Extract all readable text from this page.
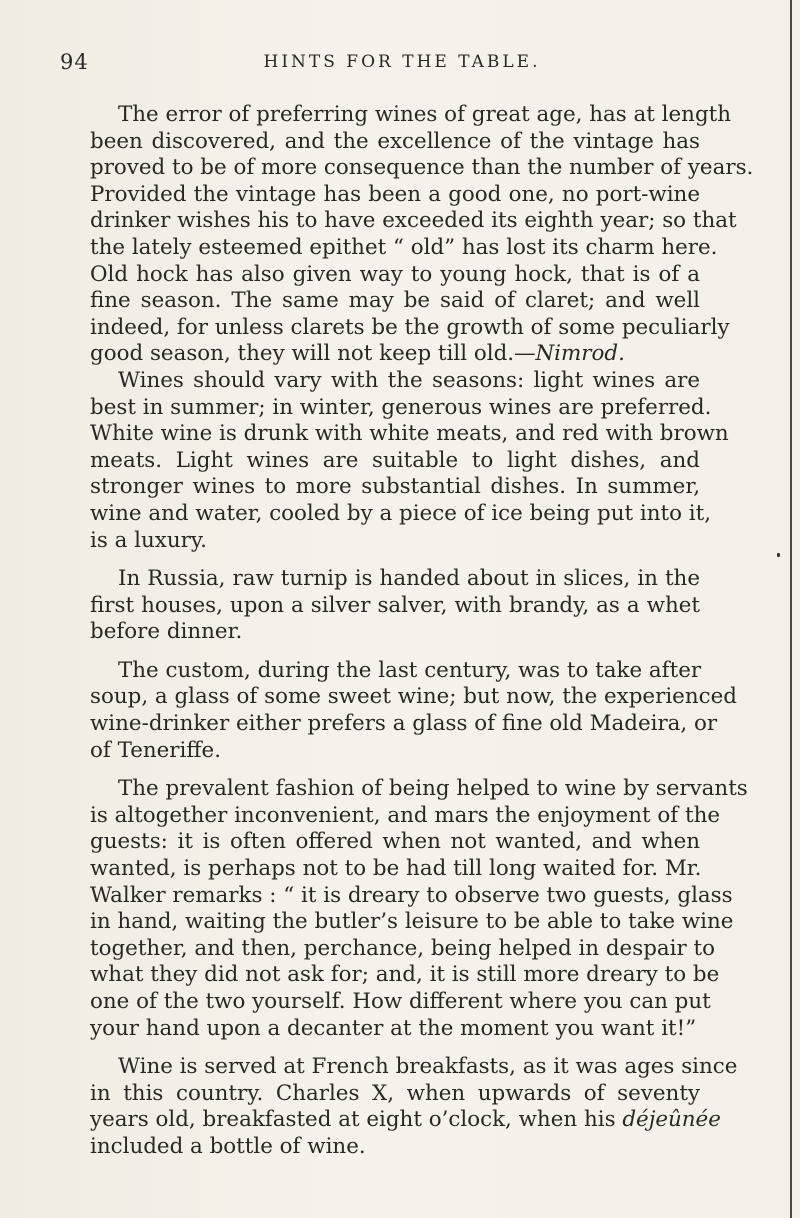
94	HINTS FOR THE TABLE.

The error of preferring wines of great age, has at length
been discovered, and the excellence of the vintage has
proved to be of more consequence than the number of years.
Provided the vintage has been a good one, no port-wine
drinker wishes his to have exceeded its eighth year; so that
the lately esteemed epithet “ old” has lost its charm here.
Old hock has also given way to young hock, that is of a
fine season. The same may be said of claret; and well
indeed, for unless clarets be the growth of some peculiarly
good season, they will not keep till old.—Nimrod.

Wines should vary with the seasons: light wines are
best in summer; in winter, generous wines are preferred.
White wine is drunk with white meats, and red with brown
meats. Light wines are suitable to light dishes, and
stronger wines to more substantial dishes. In summer,
wine and water, cooled by a piece of ice being put into it,
is a luxury.

In Russia, raw turnip is handed about in slices, in the
first houses, upon a silver salver, with brandy, as a whet
before dinner.

The custom, during the last century, was to take after
soup, a glass of some sweet wine; but now, the experienced
wine-drinker either prefers a glass of fine old Madeira, or
of Teneriffe.

The prevalent fashion of being helped to wine by servants
is altogether inconvenient, and mars the enjoyment of the
guests: it is often offered when not wanted, and when
wanted, is perhaps not to be had till long waited for. Mr.
Walker remarks : “ it is dreary to observe two guests, glass
in hand, waiting the butler’s leisure to be able to take wine
together, and then, perchance, being helped in despair to
what they did not ask for; and, it is still more dreary to be
one of the two yourself. How different where you can put
your hand upon a decanter at the moment you want it!”

Wine is served at French breakfasts, as it was ages since
in this country. Charles X, when upwards of seventy
years old, breakfasted at eight o’clock, when his déjeûnée
included a bottle of wine.
